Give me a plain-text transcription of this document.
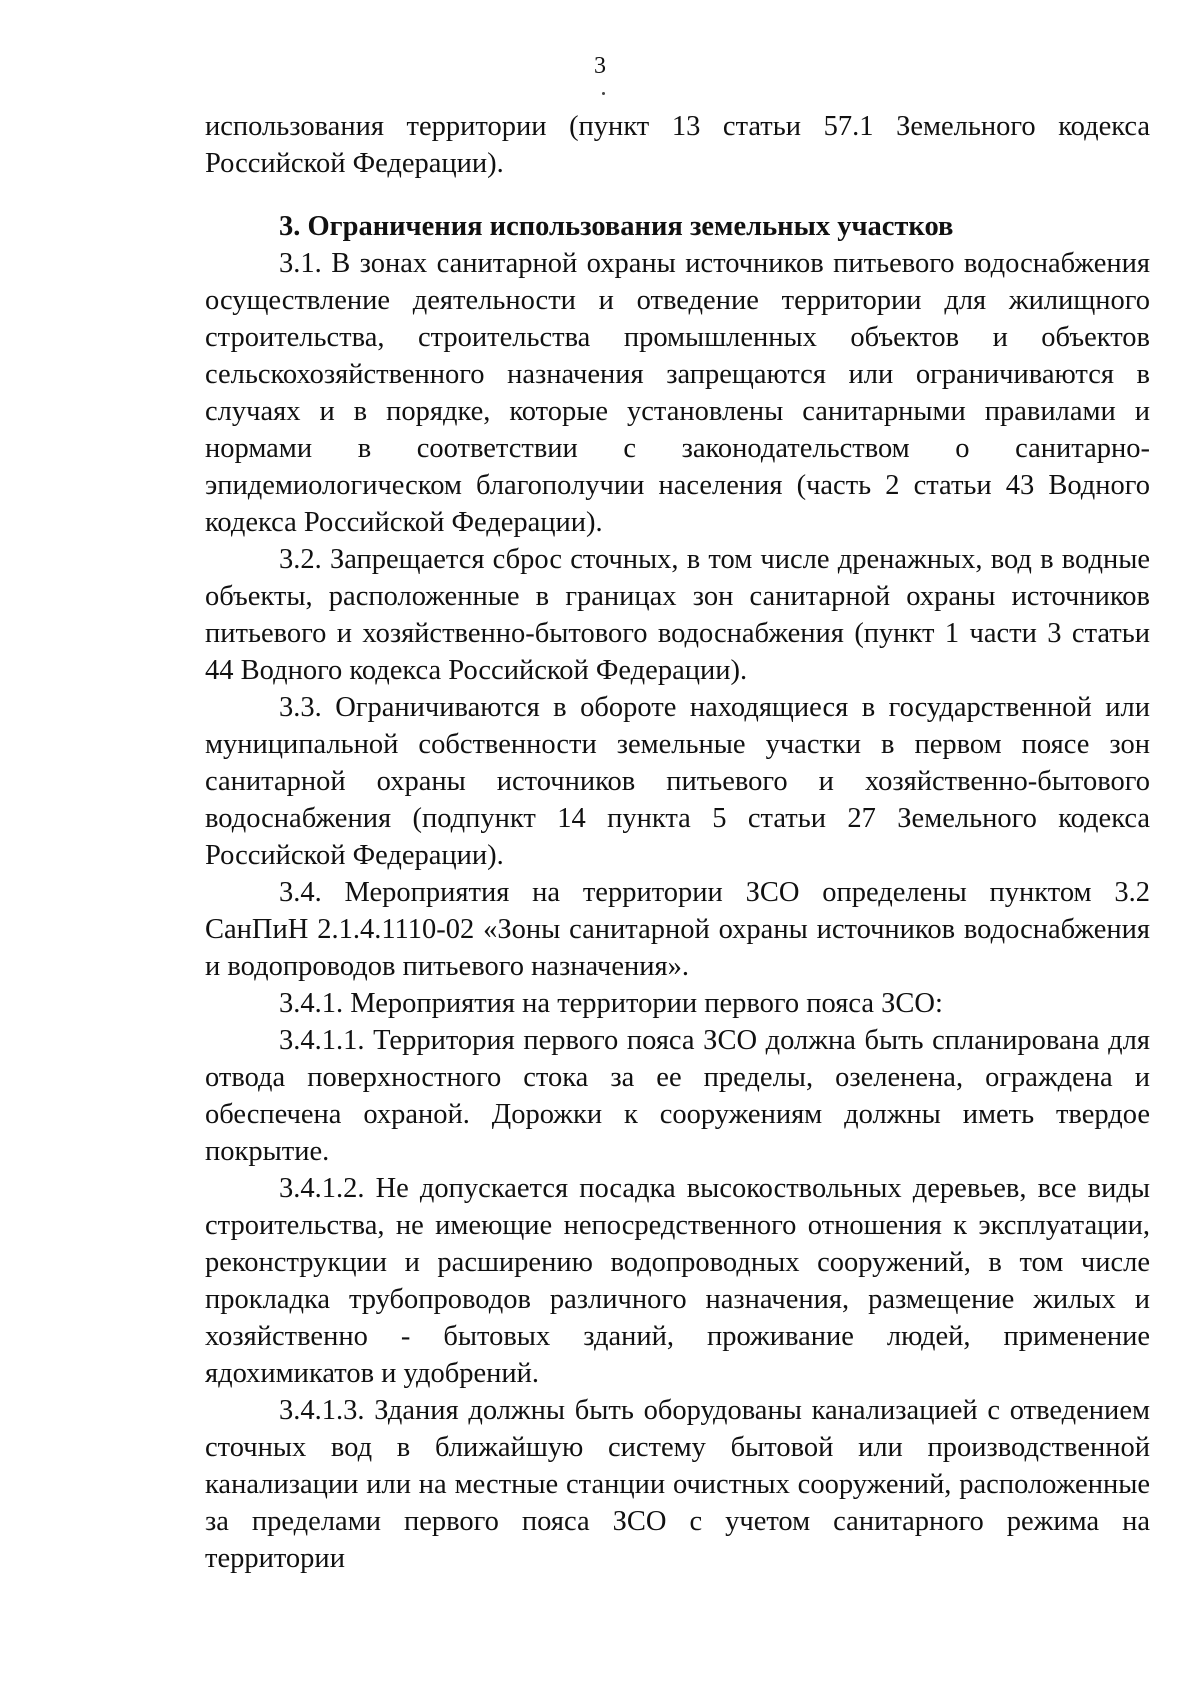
3

использования территории (пункт 13 статьи 57.1 Земельного кодекса Российской Федерации).

3. Ограничения использования земельных участков

3.1. В зонах санитарной охраны источников питьевого водоснабжения осуществление деятельности и отведение территории для жилищного строительства, строительства промышленных объектов и объектов сельскохозяйственного назначения запрещаются или ограничиваются в случаях и в порядке, которые установлены санитарными правилами и нормами в соответствии с законодательством о санитарно-эпидемиологическом благополучии населения (часть 2 статьи 43 Водного кодекса Российской Федерации).

3.2. Запрещается сброс сточных, в том числе дренажных, вод в водные объекты, расположенные в границах зон санитарной охраны источников питьевого и хозяйственно-бытового водоснабжения (пункт 1 части 3 статьи 44 Водного кодекса Российской Федерации).

3.3. Ограничиваются в обороте находящиеся в государственной или муниципальной собственности земельные участки в первом поясе зон санитарной охраны источников питьевого и хозяйственно-бытового водоснабжения (подпункт 14 пункта 5 статьи 27 Земельного кодекса Российской Федерации).

3.4. Мероприятия на территории ЗСО определены пунктом 3.2 СанПиН 2.1.4.1110-02 «Зоны санитарной охраны источников водоснабжения и водопроводов питьевого назначения».

3.4.1. Мероприятия на территории первого пояса ЗСО:

3.4.1.1. Территория первого пояса ЗСО должна быть спланирована для отвода поверхностного стока за ее пределы, озеленена, ограждена и обеспечена охраной. Дорожки к сооружениям должны иметь твердое покрытие.

3.4.1.2. Не допускается посадка высокоствольных деревьев, все виды строительства, не имеющие непосредственного отношения к эксплуатации, реконструкции и расширению водопроводных сооружений, в том числе прокладка трубопроводов различного назначения, размещение жилых и хозяйственно - бытовых зданий, проживание людей, применение ядохимикатов и удобрений.

3.4.1.3. Здания должны быть оборудованы канализацией с отведением сточных вод в ближайшую систему бытовой или производственной канализации или на местные станции очистных сооружений, расположенные за пределами первого пояса ЗСО с учетом санитарного режима на территории
